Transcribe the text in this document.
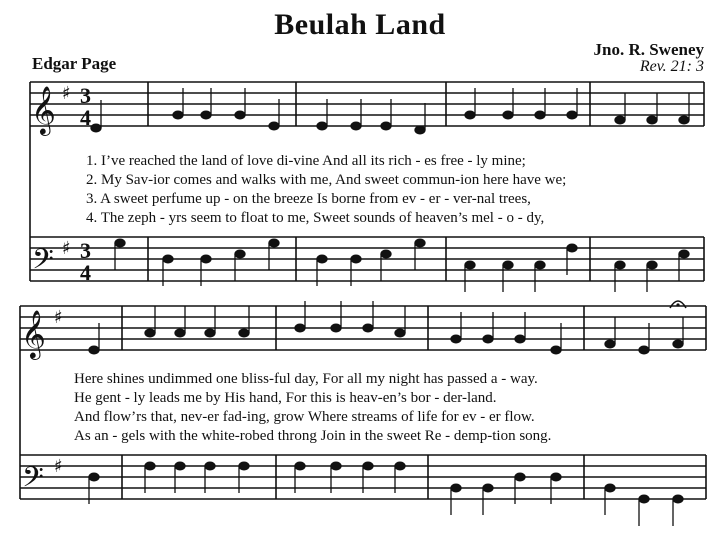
Beulah Land
Edgar Page
Jno. R. Sweney
Rev. 21: 3
𝄞 ♯
𝄢 ♯
𝄞 ♯
𝄢 ♯
3
4
3
4
1. I’ve reached the land of love di-vine And all its rich - es free - ly mine;
2. My Sav-ior comes and walks with me, And sweet commun-ion here have we;
3. A sweet perfume up - on the breeze Is borne from ev - er - ver-nal trees,
4. The zeph - yrs seem to float to me, Sweet sounds of heaven’s mel - o - dy,
Here shines undimmed one bliss-ful day, For all my night has passed a - way.
He gent - ly leads me by His hand, For this is heav-en’s bor - der-land.
And flow’rs that, nev-er fad-ing, grow Where streams of life for ev - er flow.
As an - gels with the white-robed throng Join in the sweet Re - demp-tion song.
